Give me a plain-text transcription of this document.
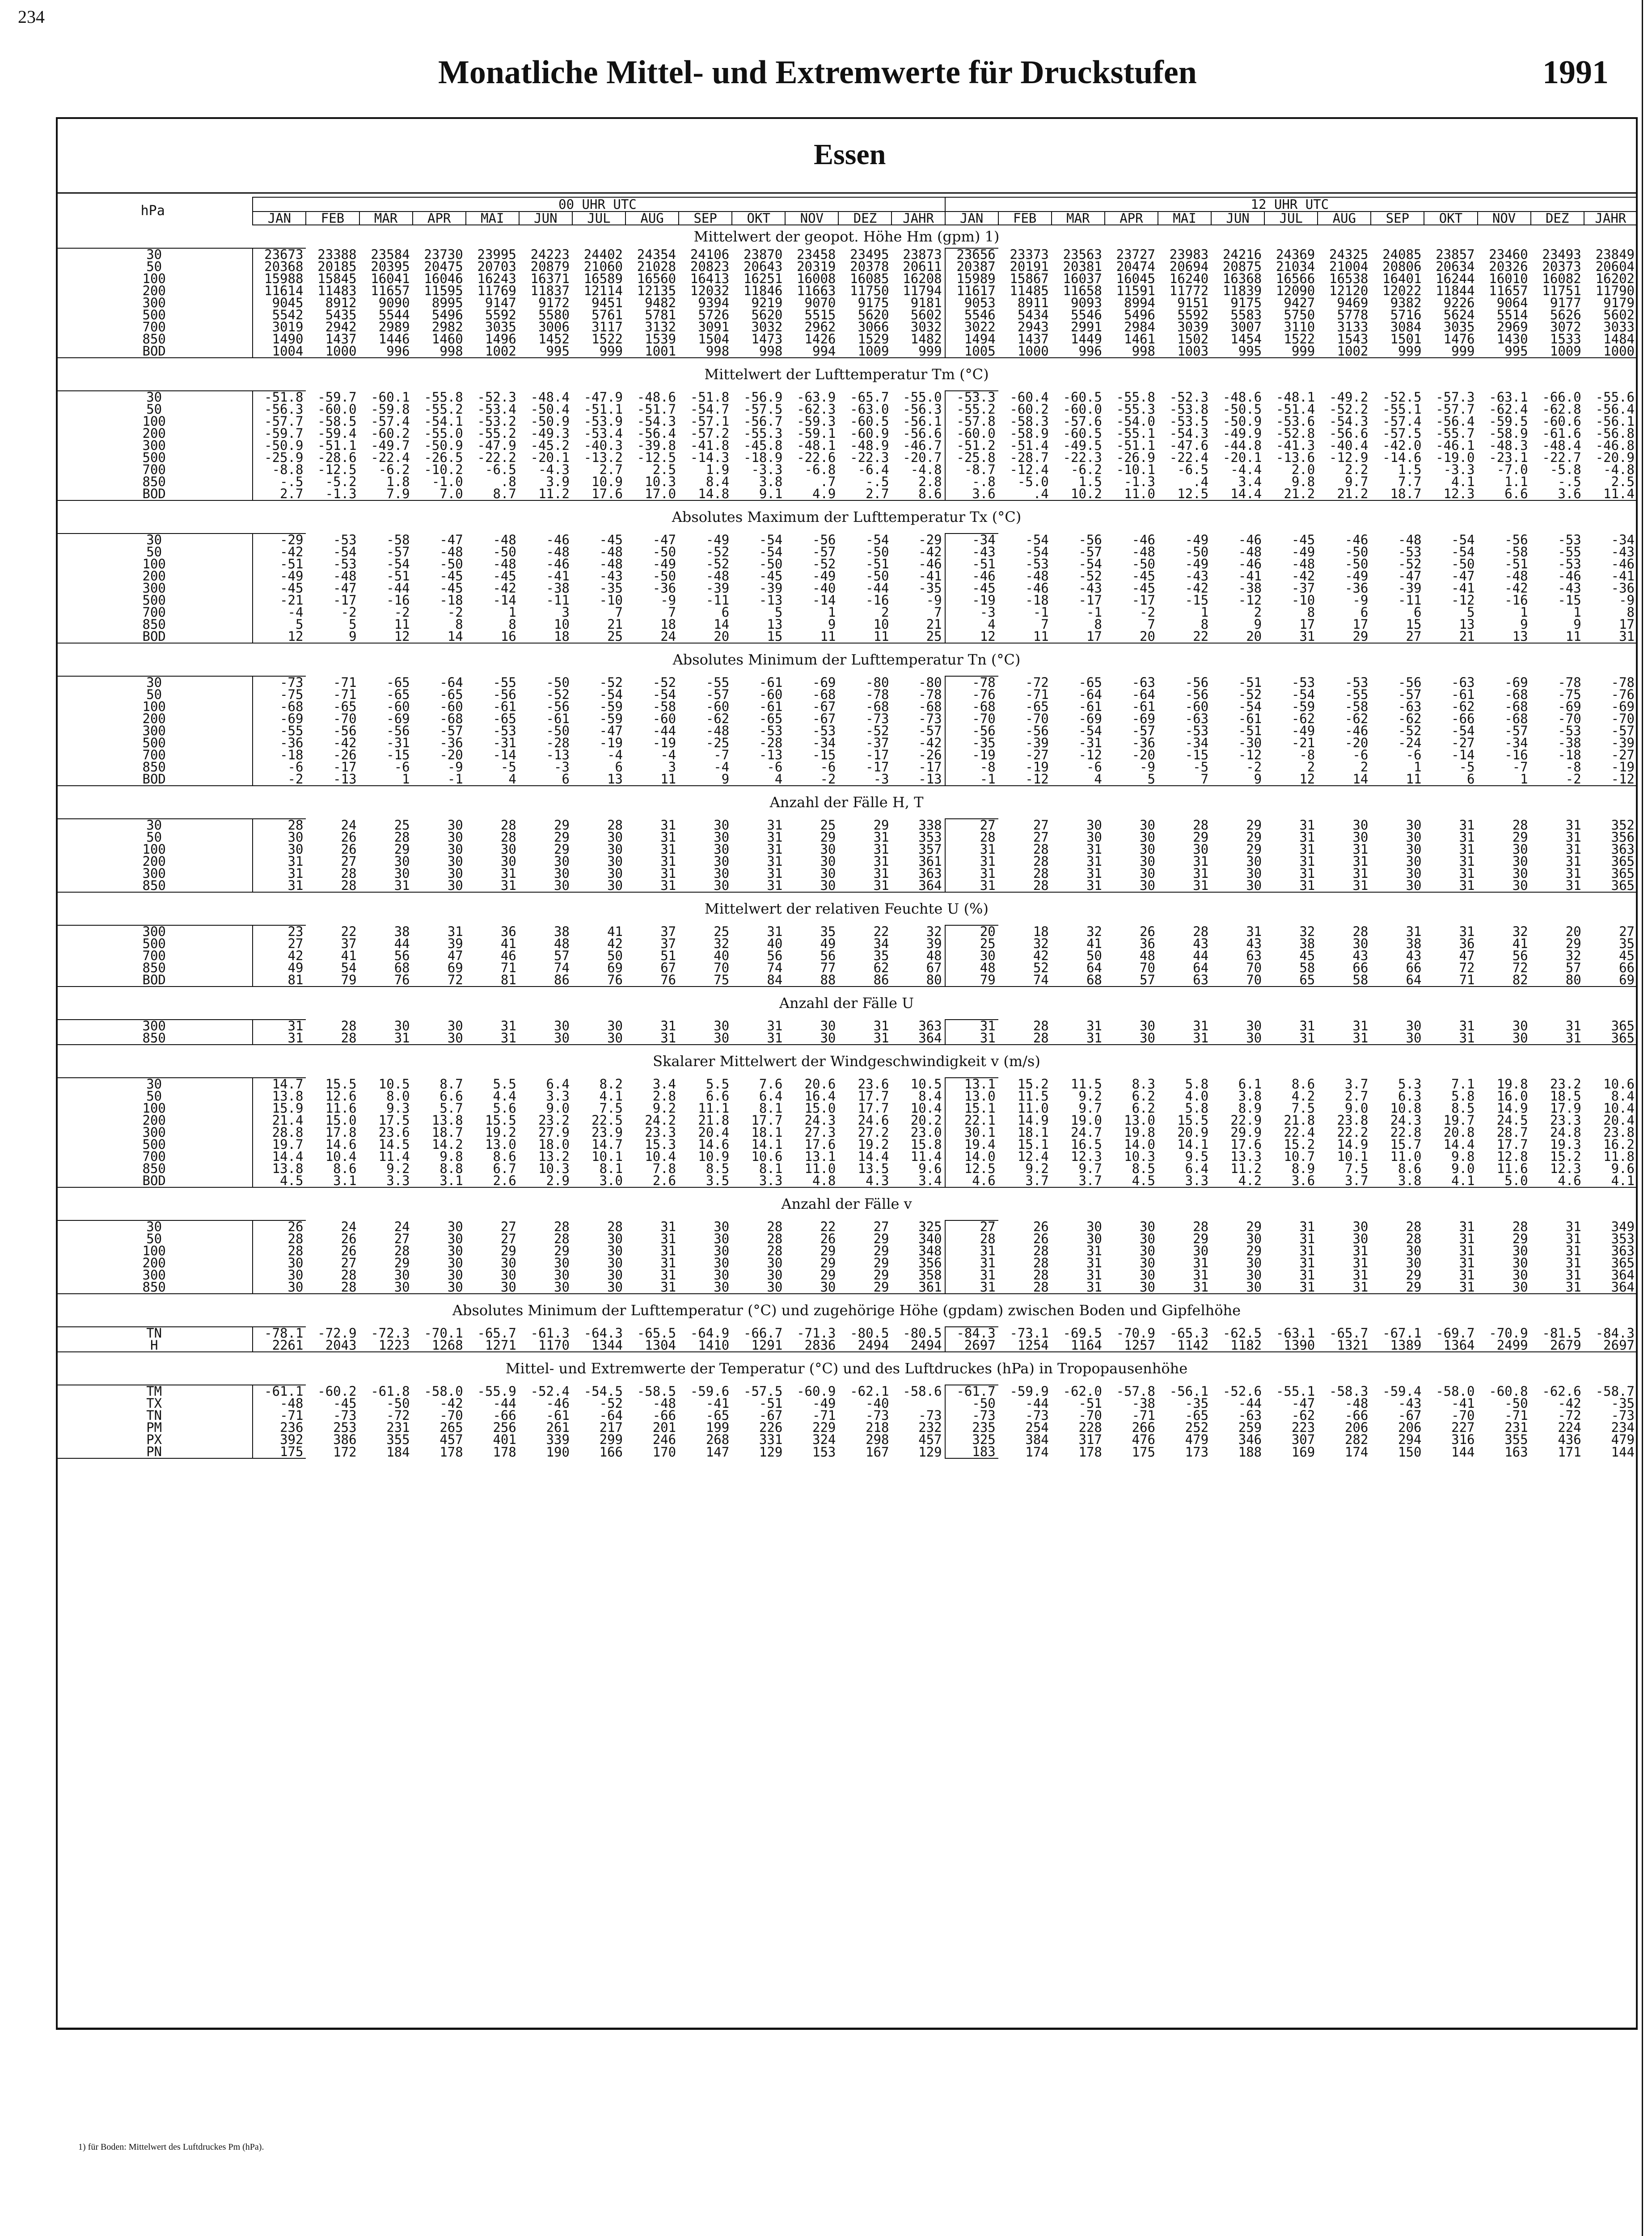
234
Monatliche Mittel- und Extremwerte für Druckstufen	1991
Essen
hPa	00 UHR UTC													12 UHR UTC												
	JAN	FEB	MAR	APR	MAI	JUN	JUL	AUG	SEP	OKT	NOV	DEZ	JAHR	JAN	FEB	MAR	APR	MAI	JUN	JUL	AUG	SEP	OKT	NOV	DEZ	JAHR
Mittelwert der geopot. Höhe Hm (gpm) 1)																										
30	23673	23388	23584	23730	23995	24223	24402	24354	24106	23870	23458	23495	23873	23656	23373	23563	23727	23983	24216	24369	24325	24085	23857	23460	23493	23849
50	20368	20185	20395	20475	20703	20879	21060	21028	20823	20643	20319	20378	20611	20387	20191	20381	20474	20694	20875	21034	21004	20806	20634	20326	20373	20604
100	15988	15845	16041	16046	16243	16371	16589	16560	16413	16251	16008	16085	16208	15989	15867	16037	16045	16240	16368	16566	16538	16401	16244	16010	16082	16202
200	11614	11483	11657	11595	11769	11837	12114	12135	12032	11846	11663	11750	11794	11617	11485	11658	11591	11772	11839	12090	12120	12022	11844	11657	11751	11790
300	9045	8912	9090	8995	9147	9172	9451	9482	9394	9219	9070	9175	9181	9053	8911	9093	8994	9151	9175	9427	9469	9382	9226	9064	9177	9179
500	5542	5435	5544	5496	5592	5580	5761	5781	5726	5620	5515	5620	5602	5546	5434	5546	5496	5592	5583	5750	5778	5716	5624	5514	5626	5602
700	3019	2942	2989	2982	3035	3006	3117	3132	3091	3032	2962	3066	3032	3022	2943	2991	2984	3039	3007	3110	3133	3084	3035	2969	3072	3033
850	1490	1437	1446	1460	1496	1452	1522	1539	1504	1473	1426	1529	1482	1494	1437	1449	1461	1502	1454	1522	1543	1501	1476	1430	1533	1484
BOD	1004	1000	996	998	1002	995	999	1001	998	998	994	1009	999	1005	1000	996	998	1003	995	999	1002	999	999	995	1009	1000
Mittelwert der Lufttemperatur Tm (°C)																										
30	-51.8	-59.7	-60.1	-55.8	-52.3	-48.4	-47.9	-48.6	-51.8	-56.9	-63.9	-65.7	-55.0	-53.3	-60.4	-60.5	-55.8	-52.3	-48.6	-48.1	-49.2	-52.5	-57.3	-63.1	-66.0	-55.6
50	-56.3	-60.0	-59.8	-55.2	-53.4	-50.4	-51.1	-51.7	-54.7	-57.5	-62.3	-63.0	-56.3	-55.2	-60.2	-60.0	-55.3	-53.8	-50.5	-51.4	-52.2	-55.1	-57.7	-62.4	-62.8	-56.4
100	-57.7	-58.5	-57.4	-54.1	-53.2	-50.9	-53.9	-54.3	-57.1	-56.7	-59.3	-60.5	-56.1	-57.8	-58.3	-57.6	-54.0	-53.5	-50.9	-53.6	-54.3	-57.4	-56.4	-59.5	-60.6	-56.1
200	-59.7	-59.4	-60.2	-55.0	-55.2	-49.3	-53.4	-56.4	-57.2	-55.3	-59.1	-60.9	-56.6	-60.0	-58.9	-60.5	-55.1	-54.3	-49.9	-52.8	-56.6	-57.5	-55.7	-58.9	-61.6	-56.8
300	-50.9	-51.1	-49.7	-50.9	-47.9	-45.2	-40.3	-39.8	-41.8	-45.8	-48.1	-48.9	-46.7	-51.2	-51.4	-49.5	-51.1	-47.6	-44.8	-41.3	-40.4	-42.0	-46.1	-48.3	-48.4	-46.8
500	-25.9	-28.6	-22.4	-26.5	-22.2	-20.1	-13.2	-12.5	-14.3	-18.9	-22.6	-22.3	-20.7	-25.8	-28.7	-22.3	-26.9	-22.4	-20.1	-13.6	-12.9	-14.6	-19.0	-23.1	-22.7	-20.9
700	-8.8	-12.5	-6.2	-10.2	-6.5	-4.3	2.7	2.5	1.9	-3.3	-6.8	-6.4	-4.8	-8.7	-12.4	-6.2	-10.1	-6.5	-4.4	2.0	2.2	1.5	-3.3	-7.0	-5.8	-4.8
850	-.5	-5.2	1.8	-1.0	.8	3.9	10.9	10.3	8.4	3.8	.7	-.5	2.8	-.8	-5.0	1.5	-1.3	.4	3.4	9.8	9.7	7.7	4.1	1.1	-.5	2.5
BOD	2.7	-1.3	7.9	7.0	8.7	11.2	17.6	17.0	14.8	9.1	4.9	2.7	8.6	3.6	.4	10.2	11.0	12.5	14.4	21.2	21.2	18.7	12.3	6.6	3.6	11.4
Absolutes Maximum der Lufttemperatur Tx (°C)																										
30	-29	-53	-58	-47	-48	-46	-45	-47	-49	-54	-56	-54	-29	-34	-54	-56	-46	-49	-46	-45	-46	-48	-54	-56	-53	-34
50	-42	-54	-57	-48	-50	-48	-48	-50	-52	-54	-57	-50	-42	-43	-54	-57	-48	-50	-48	-49	-50	-53	-54	-58	-55	-43
100	-51	-53	-54	-50	-48	-46	-48	-49	-52	-50	-52	-51	-46	-51	-53	-54	-50	-49	-46	-48	-50	-52	-50	-51	-53	-46
200	-49	-48	-51	-45	-45	-41	-43	-50	-48	-45	-49	-50	-41	-46	-48	-52	-45	-43	-41	-42	-49	-47	-47	-48	-46	-41
300	-45	-47	-44	-45	-42	-38	-35	-36	-39	-39	-40	-44	-35	-45	-46	-43	-45	-42	-38	-37	-36	-39	-41	-42	-43	-36
500	-21	-17	-16	-18	-14	-11	-10	-9	-11	-13	-14	-16	-9	-19	-18	-17	-17	-15	-12	-10	-9	-11	-12	-16	-15	-9
700	-4	-2	-2	-2	1	3	7	7	6	5	1	2	7	-3	-1	-1	-2	1	2	8	6	6	5	1	1	8
850	5	5	11	8	8	10	21	18	14	13	9	10	21	4	7	8	7	8	9	17	17	15	13	9	9	17
BOD	12	9	12	14	16	18	25	24	20	15	11	11	25	12	11	17	20	22	20	31	29	27	21	13	11	31
Absolutes Minimum der Lufttemperatur Tn (°C)																										
30	-73	-71	-65	-64	-55	-50	-52	-52	-55	-61	-69	-80	-80	-78	-72	-65	-63	-56	-51	-53	-53	-56	-63	-69	-78	-78
50	-75	-71	-65	-65	-56	-52	-54	-54	-57	-60	-68	-78	-78	-76	-71	-64	-64	-56	-52	-54	-55	-57	-61	-68	-75	-76
100	-68	-65	-60	-60	-61	-56	-59	-58	-60	-61	-67	-68	-68	-68	-65	-61	-61	-60	-54	-59	-58	-63	-62	-68	-69	-69
200	-69	-70	-69	-68	-65	-61	-59	-60	-62	-65	-67	-73	-73	-70	-70	-69	-69	-63	-61	-62	-62	-62	-66	-68	-70	-70
300	-55	-56	-56	-57	-53	-50	-47	-44	-48	-53	-53	-52	-57	-56	-56	-54	-57	-53	-51	-49	-46	-52	-54	-57	-53	-57
500	-36	-42	-31	-36	-31	-28	-19	-19	-25	-28	-34	-37	-42	-35	-39	-31	-36	-34	-30	-21	-20	-24	-27	-34	-38	-39
700	-18	-26	-15	-20	-14	-13	-4	-4	-7	-13	-15	-17	-26	-19	-27	-12	-20	-15	-12	-8	-6	-6	-14	-16	-18	-27
850	-6	-17	-6	-9	-5	-3	6	3	-4	-6	-6	-17	-17	-8	-19	-6	-9	-5	-2	2	2	1	-5	-7	-8	-19
BOD	-2	-13	1	-1	4	6	13	11	9	4	-2	-3	-13	-1	-12	4	5	7	9	12	14	11	6	1	-2	-12
Anzahl der Fälle H, T																										
30	28	24	25	30	28	29	28	31	30	31	25	29	338	27	27	30	30	28	29	31	30	30	31	28	31	352
50	30	26	28	30	28	29	30	31	30	31	29	31	353	28	27	30	30	29	29	31	30	30	31	29	31	356
100	30	26	29	30	30	29	30	31	30	31	30	31	357	31	28	31	30	30	29	31	31	30	31	30	31	363
200	31	27	30	30	30	30	30	31	30	31	30	31	361	31	28	31	30	31	30	31	31	30	31	30	31	365
300	31	28	30	30	31	30	30	31	30	31	30	31	363	31	28	31	30	31	30	31	31	30	31	30	31	365
850	31	28	31	30	31	30	30	31	30	31	30	31	364	31	28	31	30	31	30	31	31	30	31	30	31	365
Mittelwert der relativen Feuchte U (%)																										
300	23	22	38	31	36	38	41	37	25	31	35	22	32	20	18	32	26	28	31	32	28	31	31	32	20	27
500	27	37	44	39	41	48	42	37	32	40	49	34	39	25	32	41	36	43	43	38	30	38	36	41	29	35
700	42	41	56	47	46	57	50	51	40	56	56	35	48	30	42	50	48	44	63	45	43	43	47	56	32	45
850	49	54	68	69	71	74	69	67	70	74	77	62	67	48	52	64	70	64	70	58	66	66	72	72	57	66
BOD	81	79	76	72	81	86	76	76	75	84	88	86	80	79	74	68	57	63	70	65	58	64	71	82	80	69
Anzahl der Fälle U																										
300	31	28	30	30	31	30	30	31	30	31	30	31	363	31	28	31	30	31	30	31	31	30	31	30	31	365
850	31	28	31	30	31	30	30	31	30	31	30	31	364	31	28	31	30	31	30	31	31	30	31	30	31	365
Skalarer Mittelwert der Windgeschwindigkeit v (m/s)																										
30	14.7	15.5	10.5	8.7	5.5	6.4	8.2	3.4	5.5	7.6	20.6	23.6	10.5	13.1	15.2	11.5	8.3	5.8	6.1	8.6	3.7	5.3	7.1	19.8	23.2	10.6
50	13.8	12.6	8.0	6.6	4.4	3.3	4.1	2.8	6.6	6.4	16.4	17.7	8.4	13.0	11.5	9.2	6.2	4.0	3.8	4.2	2.7	6.3	5.8	16.0	18.5	8.4
100	15.9	11.6	9.3	5.7	5.6	9.0	7.5	9.2	11.1	8.1	15.0	17.7	10.4	15.1	11.0	9.7	6.2	5.8	8.9	7.5	9.0	10.8	8.5	14.9	17.9	10.4
200	21.4	15.0	17.5	13.8	15.5	23.2	22.5	24.2	21.8	17.7	24.3	24.6	20.2	22.1	14.9	19.0	13.0	15.5	22.9	21.8	23.8	24.3	19.7	24.5	23.3	20.4
300	28.8	17.8	23.6	18.7	19.2	27.9	23.9	23.3	20.4	18.1	27.3	27.2	23.0	30.1	18.1	24.7	19.8	20.9	29.9	22.4	22.2	22.8	20.8	28.7	24.8	23.8
500	19.7	14.6	14.5	14.2	13.0	18.0	14.7	15.3	14.6	14.1	17.6	19.2	15.8	19.4	15.1	16.5	14.0	14.1	17.6	15.2	14.9	15.7	14.4	17.7	19.3	16.2
700	14.4	10.4	11.4	9.8	8.6	13.2	10.1	10.4	10.9	10.6	13.1	14.4	11.4	14.0	12.4	12.3	10.3	9.5	13.3	10.7	10.1	11.0	9.8	12.8	15.2	11.8
850	13.8	8.6	9.2	8.8	6.7	10.3	8.1	7.8	8.5	8.1	11.0	13.5	9.6	12.5	9.2	9.7	8.5	6.4	11.2	8.9	7.5	8.6	9.0	11.6	12.3	9.6
BOD	4.5	3.1	3.3	3.1	2.6	2.9	3.0	2.6	3.5	3.3	4.8	4.3	3.4	4.6	3.7	3.7	4.5	3.3	4.2	3.6	3.7	3.8	4.1	5.0	4.6	4.1
Anzahl der Fälle v																										
30	26	24	24	30	27	28	28	31	30	28	22	27	325	27	26	30	30	28	29	31	30	28	31	28	31	349
50	28	26	27	30	27	28	30	31	30	28	26	29	340	28	26	30	30	29	30	31	30	28	31	29	31	353
100	28	26	28	30	29	29	30	31	30	28	29	29	348	31	28	31	30	30	29	31	31	30	31	30	31	363
200	30	27	29	30	30	30	30	31	30	30	29	29	356	31	28	31	30	31	30	31	31	30	31	30	31	365
300	30	28	30	30	30	30	30	31	30	30	29	29	358	31	28	31	30	31	30	31	31	29	31	30	31	364
850	30	28	30	30	30	30	30	31	30	30	30	29	361	31	28	31	30	31	30	31	31	29	31	30	31	364
Absolutes Minimum der Lufttemperatur (°C) und zugehörige Höhe (gpdam) zwischen Boden und Gipfelhöhe																										
TN	-78.1	-72.9	-72.3	-70.1	-65.7	-61.3	-64.3	-65.5	-64.9	-66.7	-71.3	-80.5	-80.5	-84.3	-73.1	-69.5	-70.9	-65.3	-62.5	-63.1	-65.7	-67.1	-69.7	-70.9	-81.5	-84.3
H	2261	2043	1223	1268	1271	1170	1344	1304	1410	1291	2836	2494	2494	2697	1254	1164	1257	1142	1182	1390	1321	1389	1364	2499	2679	2697
Mittel- und Extremwerte der Temperatur (°C) und des Luftdruckes (hPa) in Tropopausenhöhe																										
TM	-61.1	-60.2	-61.8	-58.0	-55.9	-52.4	-54.5	-58.5	-59.6	-57.5	-60.9	-62.1	-58.6	-61.7	-59.9	-62.0	-57.8	-56.1	-52.6	-55.1	-58.3	-59.4	-58.0	-60.8	-62.6	-58.7
TX	-48	-45	-50	-42	-44	-46	-52	-48	-41	-51	-49	-40		-50	-44	-51	-38	-35	-44	-47	-48	-43	-41	-50	-42	-35
TN	-71	-73	-72	-70	-66	-61	-64	-66	-65	-67	-71	-73	-73	-73	-73	-70	-71	-65	-63	-62	-66	-67	-70	-71	-72	-73
PM	236	253	231	265	256	261	217	201	199	226	229	218	232	235	254	228	266	252	259	223	206	206	227	231	224	234
PX	392	386	355	457	401	339	299	246	268	331	324	298	457	325	384	317	476	479	346	307	282	294	316	355	436	479
PN	175	172	184	178	178	190	166	170	147	129	153	167	129	183	174	178	175	173	188	169	174	150	144	163	171	144
1) für Boden: Mittelwert des Luftdruckes Pm (hPa).
